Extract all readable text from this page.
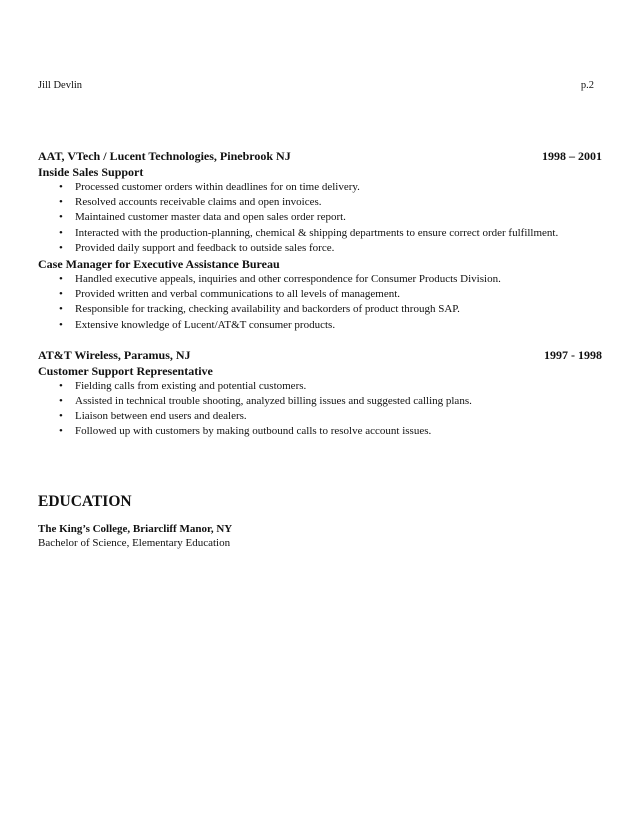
Jill Devlin	p.2
AAT, VTech / Lucent Technologies, Pinebrook NJ	1998 – 2001
Inside Sales Support
• Processed customer orders within deadlines for on time delivery.
• Resolved accounts receivable claims and open invoices.
• Maintained customer master data and open sales order report.
• Interacted with the production-planning, chemical & shipping departments to ensure correct order fulfillment.
• Provided daily support and feedback to outside sales force.
Case Manager for Executive Assistance Bureau
• Handled executive appeals, inquiries and other correspondence for Consumer Products Division.
• Provided written and verbal communications to all levels of management.
• Responsible for tracking, checking availability and backorders of product through SAP.
• Extensive knowledge of Lucent/AT&T consumer products.
AT&T Wireless, Paramus, NJ	1997 - 1998
Customer Support Representative
• Fielding calls from existing and potential customers.
• Assisted in technical trouble shooting, analyzed billing issues and suggested calling plans.
• Liaison between end users and dealers.
• Followed up with customers by making outbound calls to resolve account issues.
EDUCATION
The King’s College, Briarcliff Manor, NY
Bachelor of Science, Elementary Education
